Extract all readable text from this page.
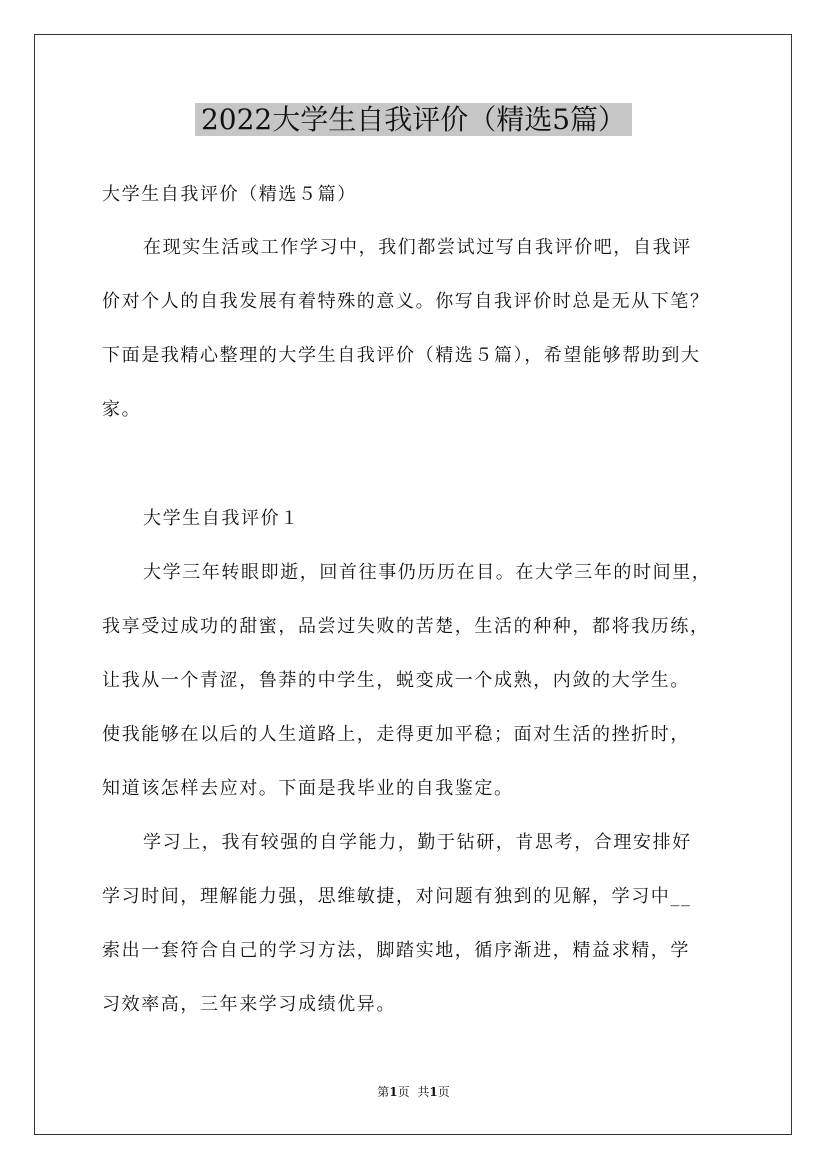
2022大学生自我评价（精选5篇）
大学生自我评价（精选５篇）
在现实生活或工作学习中，我们都尝试过写自我评价吧，自我评
价对个人的自我发展有着特殊的意义。你写自我评价时总是无从下笔？
下面是我精心整理的大学生自我评价（精选５篇），希望能够帮助到大
家。
大学生自我评价１
大学三年转眼即逝，回首往事仍历历在目。在大学三年的时间里，
我享受过成功的甜蜜，品尝过失败的苦楚，生活的种种，都将我历练，
让我从一个青涩，鲁莽的中学生，蜕变成一个成熟，内敛的大学生。
使我能够在以后的人生道路上，走得更加平稳；面对生活的挫折时，
知道该怎样去应对。下面是我毕业的自我鉴定。
学习上，我有较强的自学能力，勤于钻研，肯思考，合理安排好
学习时间，理解能力强，思维敏捷，对问题有独到的见解，学习中__
索出一套符合自己的学习方法，脚踏实地，循序渐进，精益求精，学
习效率高，三年来学习成绩优异。
第1页 共1页
